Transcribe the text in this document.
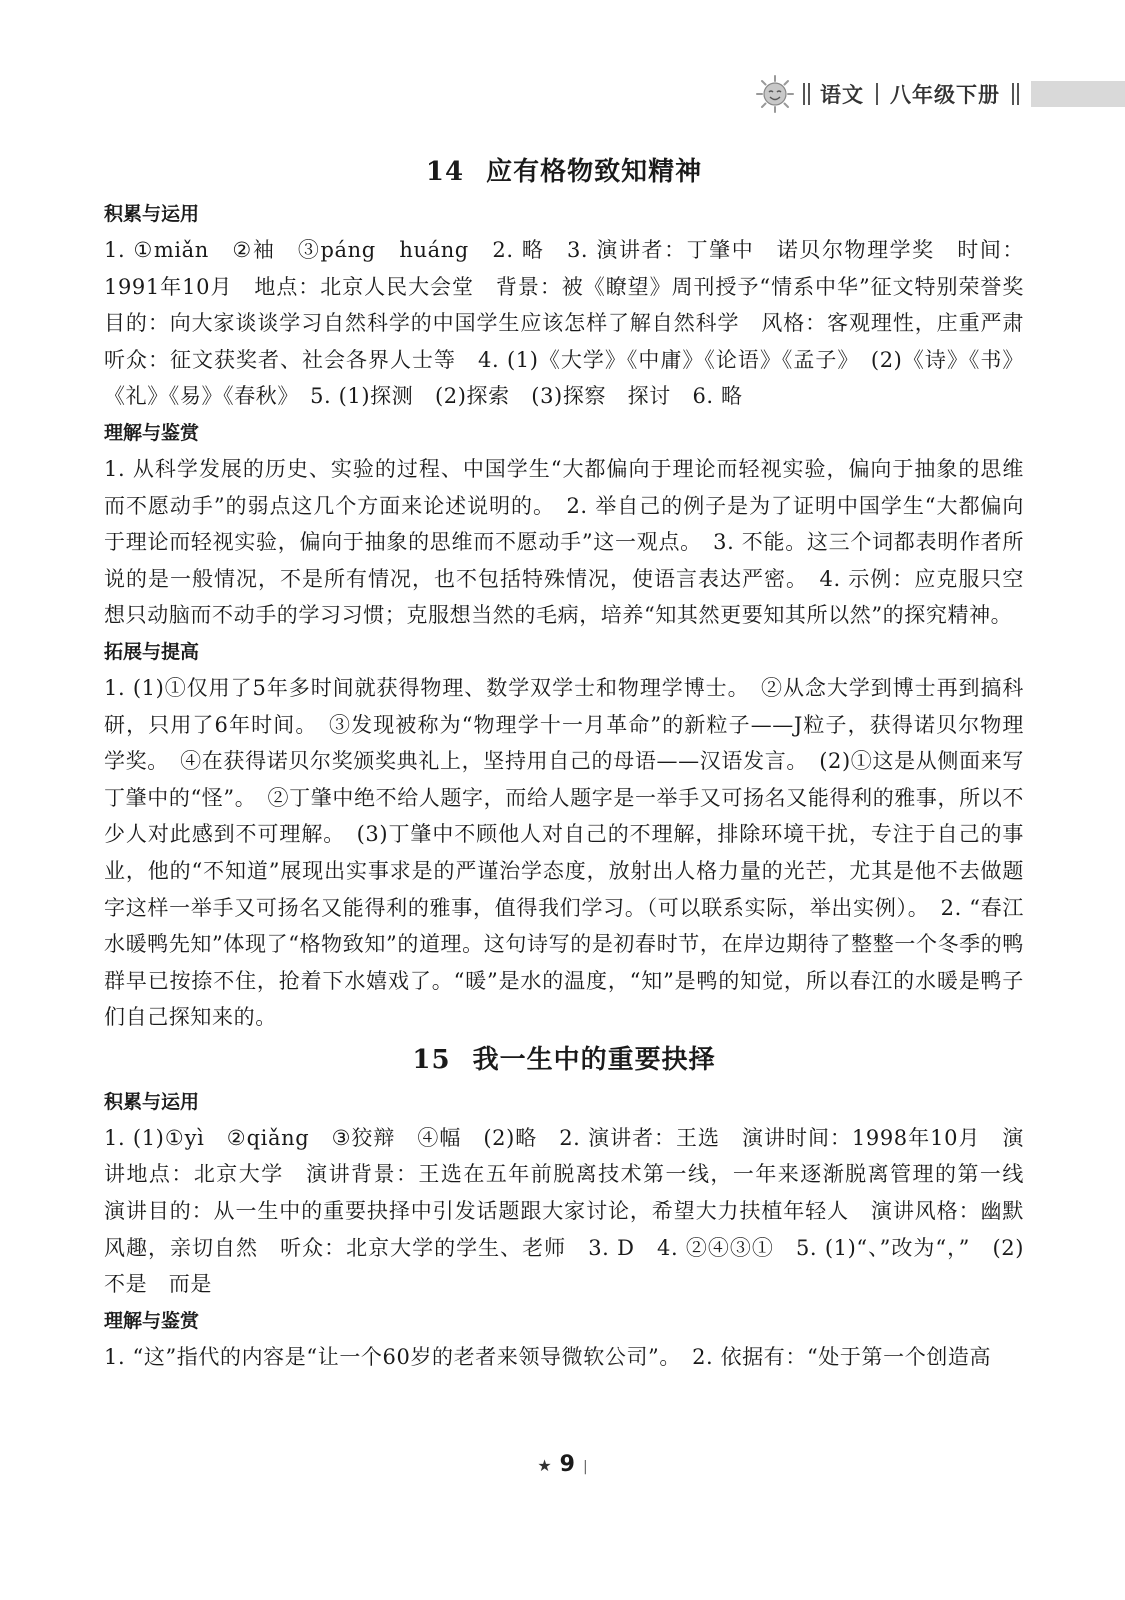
语文 八年级下册
14 应有格物致知精神
积累与运用

1. ①miǎn　②袖　③páng　huáng　2. 略　3. 演讲者：丁肇中　诺贝尔物理学奖　时间：1991年10月　地点：北京人民大会堂　背景：被《瞭望》周刊授予“情系中华”征文特别荣誉奖　目的：向大家谈谈学习自然科学的中国学生应该怎样了解自然科学　风格：客观理性，庄重严肃　听众：征文获奖者、社会各界人士等　4. (1)《大学》《中庸》《论语》《孟子》　(2)《诗》《书》《礼》《易》《春秋》　5. (1)探测　(2)探索　(3)探察　探讨　6. 略

理解与鉴赏

1. 从科学发展的历史、实验的过程、中国学生“大都偏向于理论而轻视实验，偏向于抽象的思维而不愿动手”的弱点这几个方面来论述说明的。　2. 举自己的例子是为了证明中国学生“大都偏向于理论而轻视实验，偏向于抽象的思维而不愿动手”这一观点。　3. 不能。这三个词都表明作者所说的是一般情况，不是所有情况，也不包括特殊情况，使语言表达严密。　4. 示例：应克服只空想只动脑而不动手的学习习惯；克服想当然的毛病，培养“知其然更要知其所以然”的探究精神。

拓展与提高

1. (1)①仅用了5年多时间就获得物理、数学双学士和物理学博士。　②从念大学到博士再到搞科研，只用了6年时间。　③发现被称为“物理学十一月革命”的新粒子——J粒子，获得诺贝尔物理学奖。　④在获得诺贝尔奖颁奖典礼上，坚持用自己的母语——汉语发言。　(2)①这是从侧面来写丁肇中的“怪”。　②丁肇中绝不给人题字，而给人题字是一举手又可扬名又能得利的雅事，所以不少人对此感到不可理解。　(3)丁肇中不顾他人对自己的不理解，排除环境干扰，专注于自己的事业，他的“不知道”展现出实事求是的严谨治学态度，放射出人格力量的光芒，尤其是他不去做题字这样一举手又可扬名又能得利的雅事，值得我们学习。（可以联系实际，举出实例）。　2. “春江水暖鸭先知”体现了“格物致知”的道理。这句诗写的是初春时节，在岸边期待了整整一个冬季的鸭群早已按捺不住，抢着下水嬉戏了。“暖”是水的温度，“知”是鸭的知觉，所以春江的水暖是鸭子们自己探知来的。

15 我一生中的重要抉择
积累与运用

1. (1)①yì　②qiǎng　③狡辩　④幅　(2)略　2. 演讲者：王选　演讲时间：1998年10月　演讲地点：北京大学　演讲背景：王选在五年前脱离技术第一线，一年来逐渐脱离管理的第一线　演讲目的：从一生中的重要抉择中引发话题跟大家讨论，希望大力扶植年轻人　演讲风格：幽默风趣，亲切自然　听众：北京大学的学生、老师　3. D　4. ②④③①　5. (1)“、”改为“，”　(2)不是　而是

理解与鉴赏

1. “这”指代的内容是“让一个60岁的老者来领导微软公司”。　2. 依据有：“处于第一个创造高

★ 9 |
